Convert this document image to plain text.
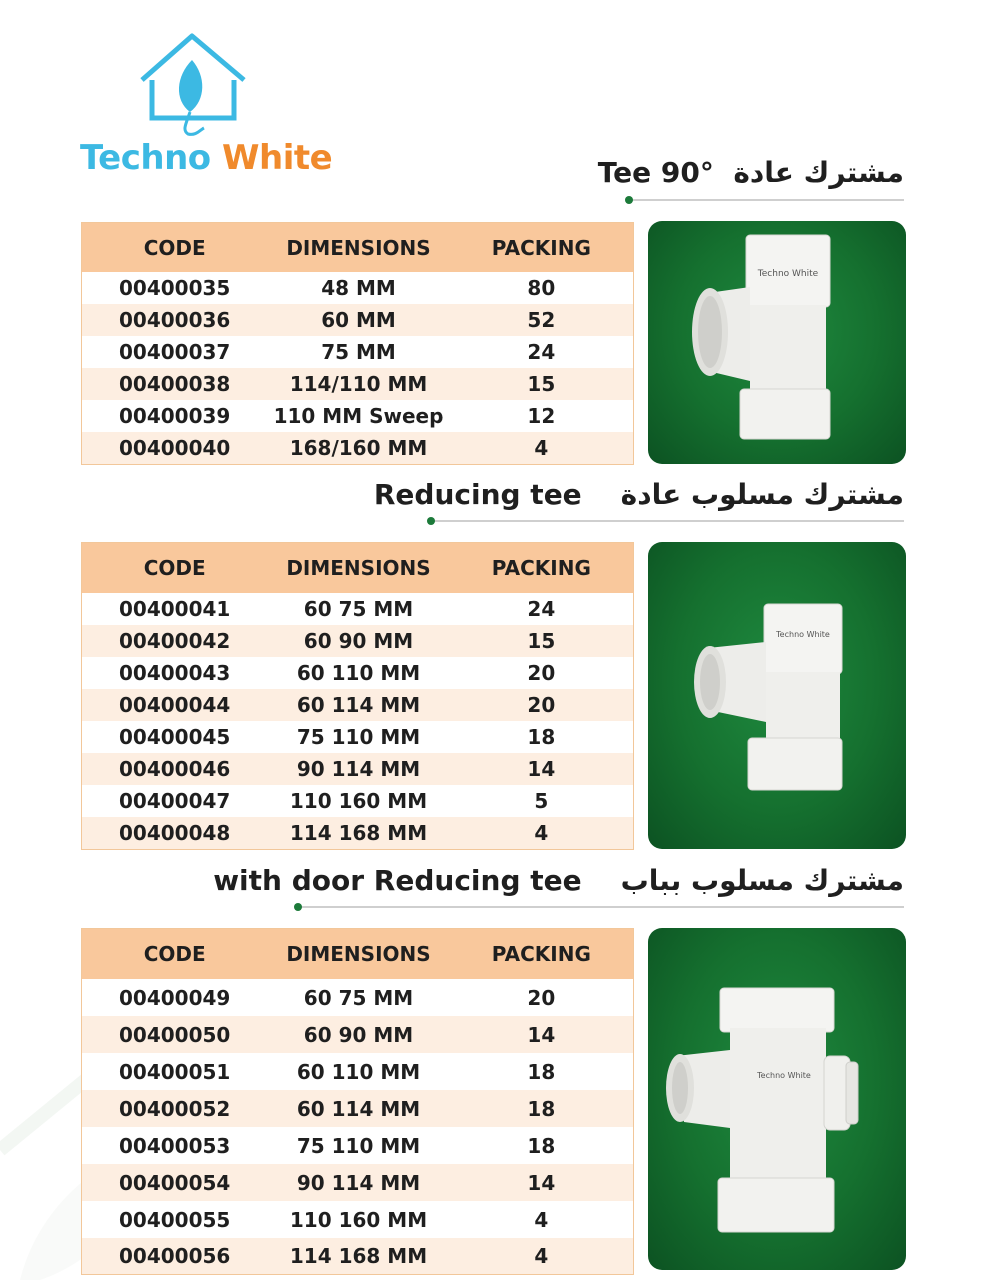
Techno White	Tee 90° مشترك عادة
CODE	DIMENSIONS	PACKING
00400035	48 MM	80
00400036	60 MM	52
00400037	75 MM	24
00400038	114/110 MM	15
00400039	110 MM Sweep	12
00400040	168/160 MM	4
Techno White
Reducing tee مشترك مسلوب عادة
CODE	DIMENSIONS	PACKING
00400041	60 75 MM	24
00400042	60 90 MM	15
00400043	60 110 MM	20
00400044	60 114 MM	20
00400045	75 110 MM	18
00400046	90 114 MM	14
00400047	110 160 MM	5
00400048	114 168 MM	4
Techno White
with door Reducing tee مشترك مسلوب بباب
CODE	DIMENSIONS	PACKING
00400049	60 75 MM	20
00400050	60 90 MM	14
00400051	60 110 MM	18
00400052	60 114 MM	18
00400053	75 110 MM	18
00400054	90 114 MM	14
00400055	110 160 MM	4
00400056	114 168 MM	4
Techno White
